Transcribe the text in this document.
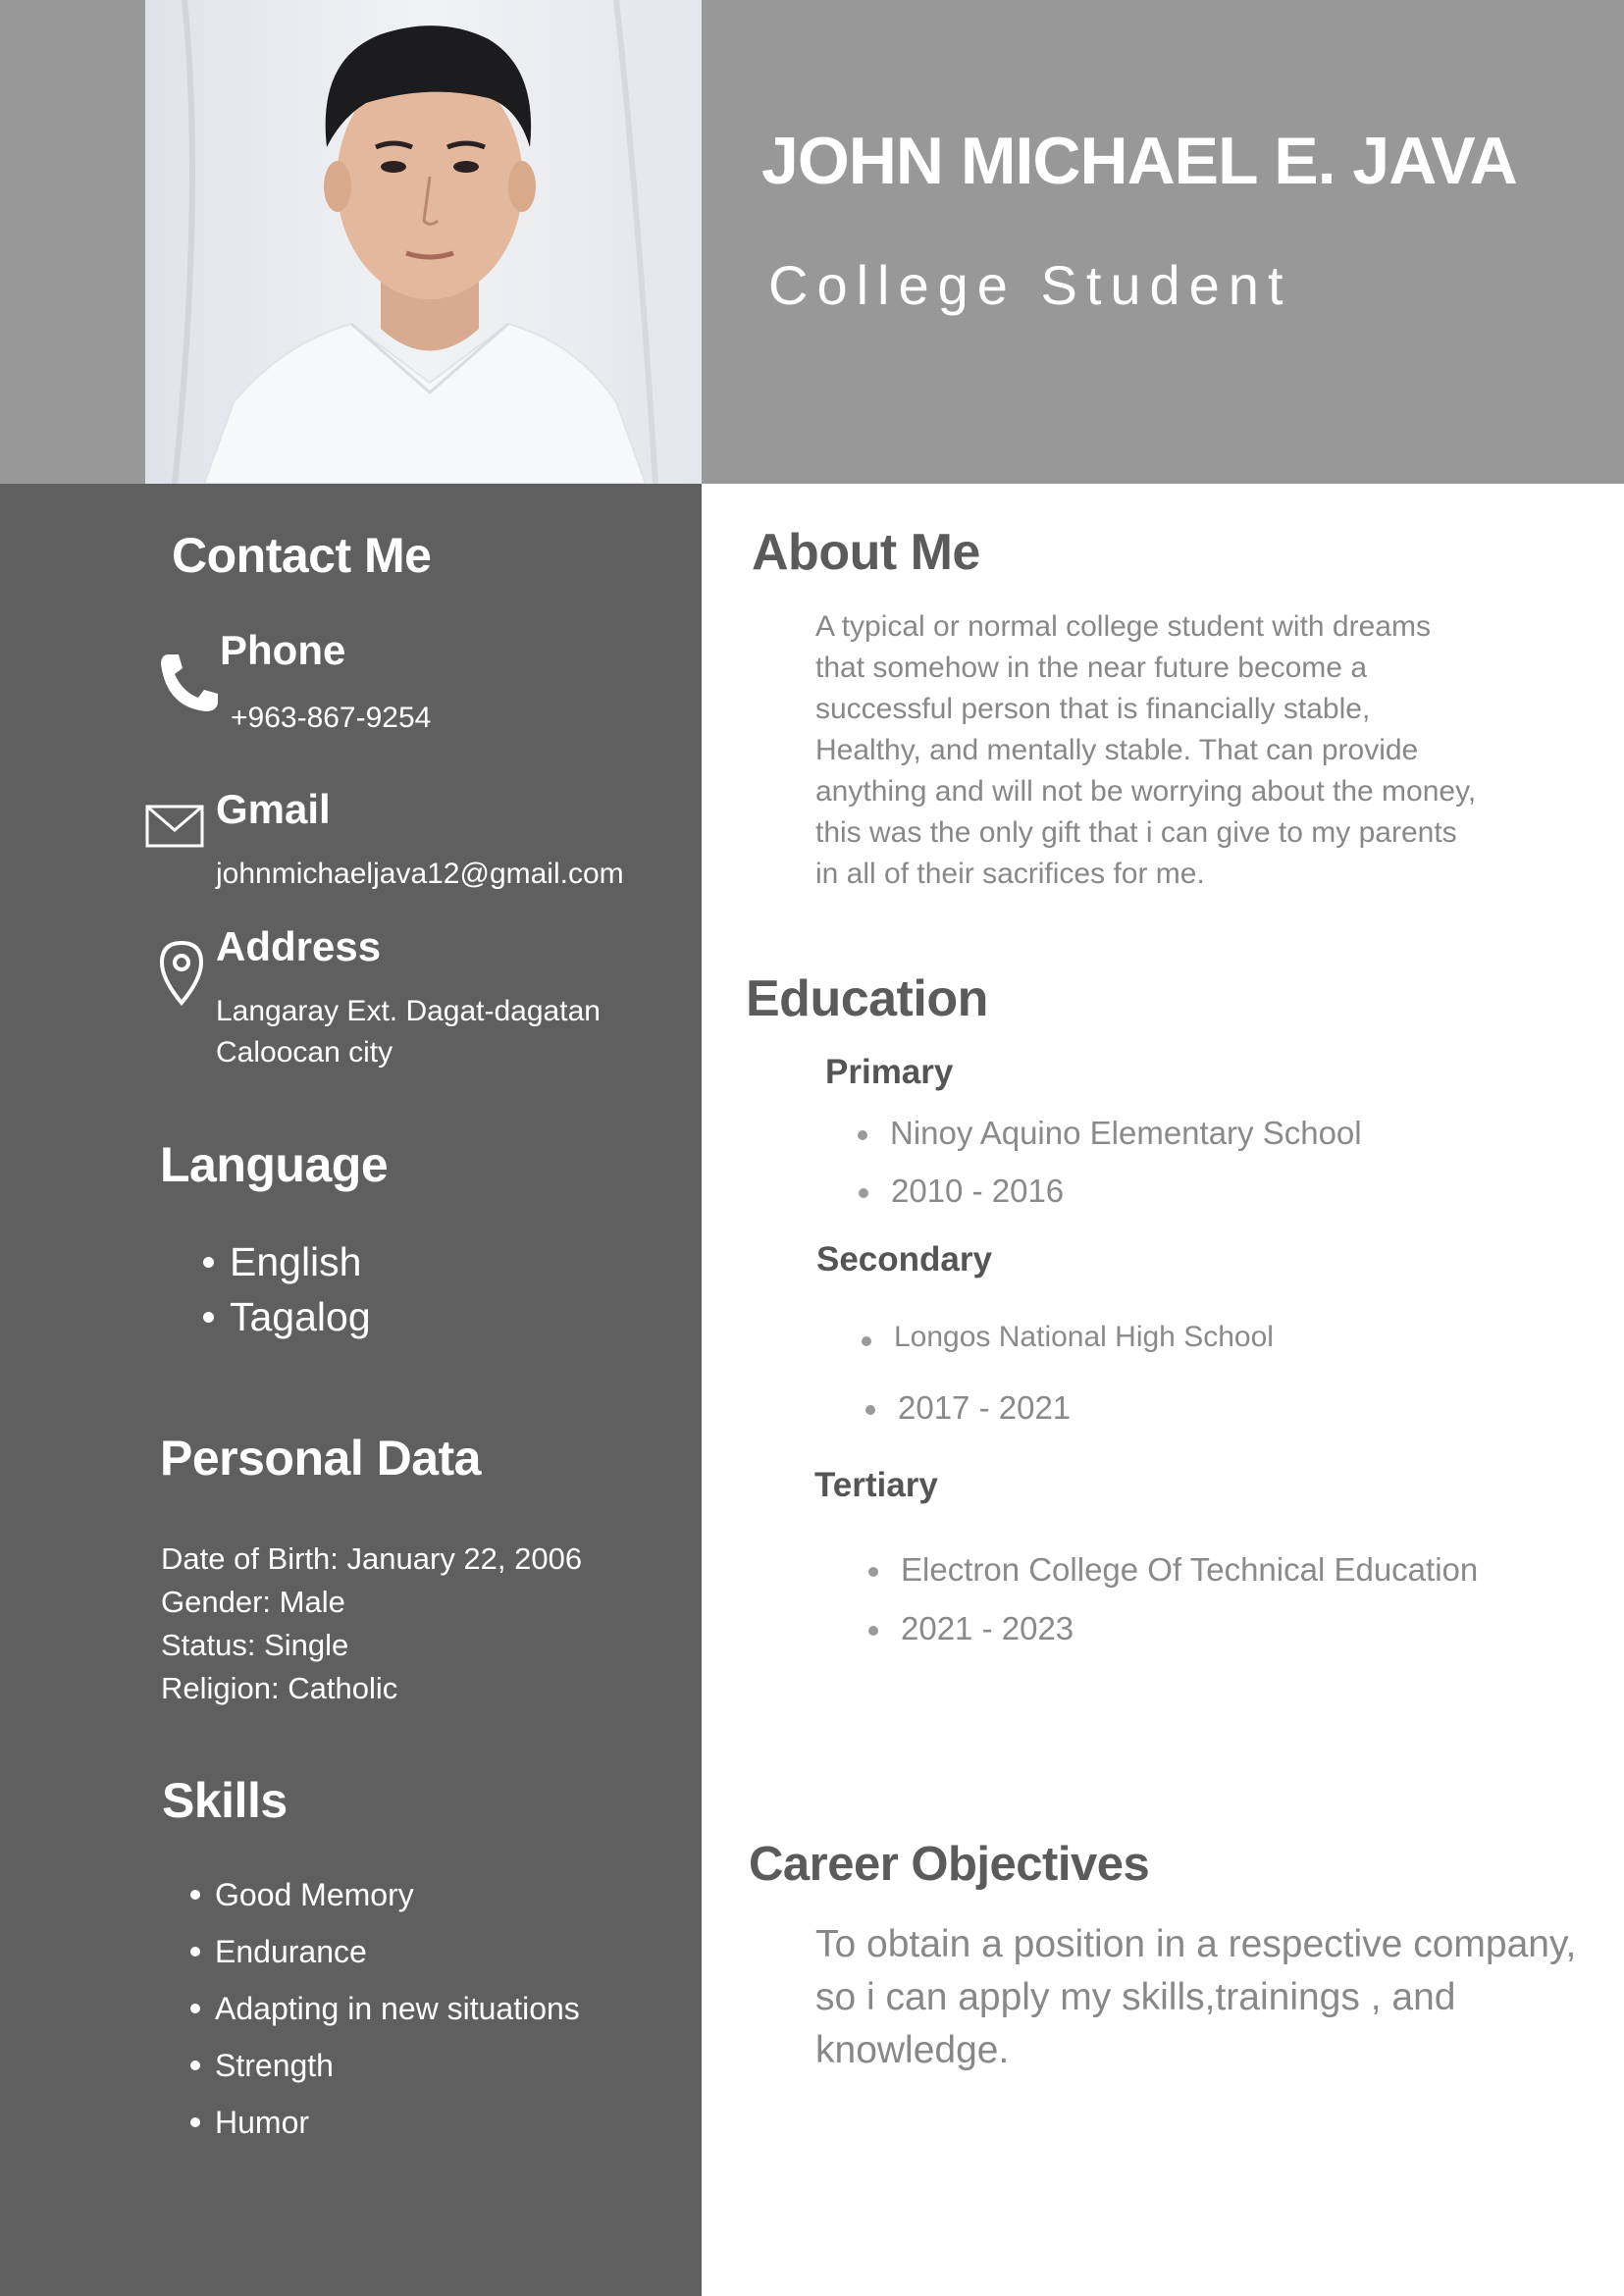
JOHN MICHAEL E. JAVA
College Student
Contact Me
Phone
+963-867-9254
Gmail
johnmichaeljava12@gmail.com
Address
Langaray Ext. Dagat-dagatan
Caloocan city
Language
English
Tagalog
Personal Data
Date of Birth: January 22, 2006
Gender: Male
Status: Single
Religion: Catholic
Skills
Good Memory
Endurance
Adapting in new situations
Strength
Humor
About Me
A typical or normal college student with dreams that somehow in the near future become a successful person that is financially stable, Healthy, and mentally stable. That can provide anything and will not be worrying about the money, this was the only gift that i can give to my parents in all of their sacrifices for me.
Education
Primary
Ninoy Aquino Elementary School
2010 - 2016
Secondary
Longos National High School
2017 - 2021
Tertiary
Electron College Of Technical Education
2021 - 2023
Career Objectives
To obtain a position in a respective company, so i can apply my skills,trainings , and knowledge.
